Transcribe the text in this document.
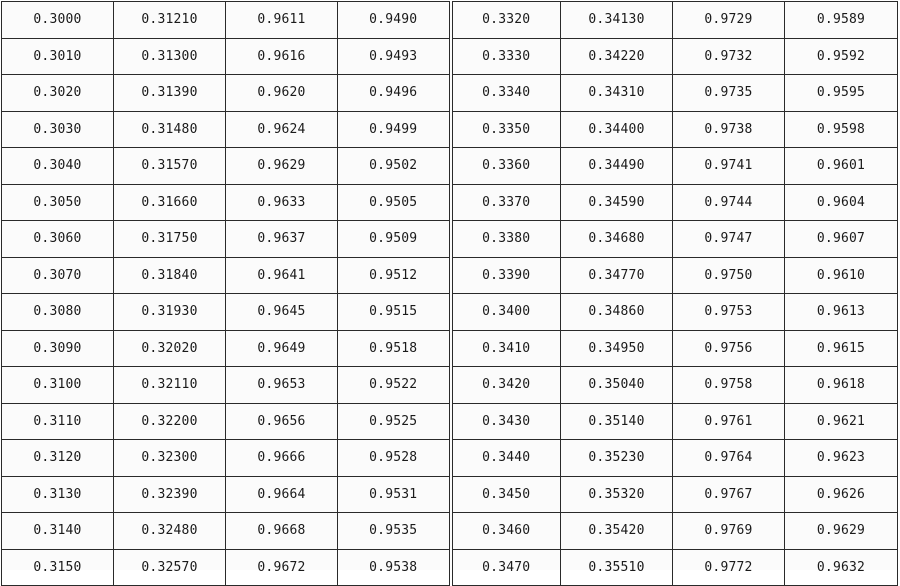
0.3000	0.31210	0.9611	0.9490	0.3320	0.34130	0.9729	0.9589
0.3010	0.31300	0.9616	0.9493	0.3330	0.34220	0.9732	0.9592
0.3020	0.31390	0.9620	0.9496	0.3340	0.34310	0.9735	0.9595
0.3030	0.31480	0.9624	0.9499	0.3350	0.34400	0.9738	0.9598
0.3040	0.31570	0.9629	0.9502	0.3360	0.34490	0.9741	0.9601
0.3050	0.31660	0.9633	0.9505	0.3370	0.34590	0.9744	0.9604
0.3060	0.31750	0.9637	0.9509	0.3380	0.34680	0.9747	0.9607
0.3070	0.31840	0.9641	0.9512	0.3390	0.34770	0.9750	0.9610
0.3080	0.31930	0.9645	0.9515	0.3400	0.34860	0.9753	0.9613
0.3090	0.32020	0.9649	0.9518	0.3410	0.34950	0.9756	0.9615
0.3100	0.32110	0.9653	0.9522	0.3420	0.35040	0.9758	0.9618
0.3110	0.32200	0.9656	0.9525	0.3430	0.35140	0.9761	0.9621
0.3120	0.32300	0.9666	0.9528	0.3440	0.35230	0.9764	0.9623
0.3130	0.32390	0.9664	0.9531	0.3450	0.35320	0.9767	0.9626
0.3140	0.32480	0.9668	0.9535	0.3460	0.35420	0.9769	0.9629
0.3150	0.32570	0.9672	0.9538	0.3470	0.35510	0.9772	0.9632
